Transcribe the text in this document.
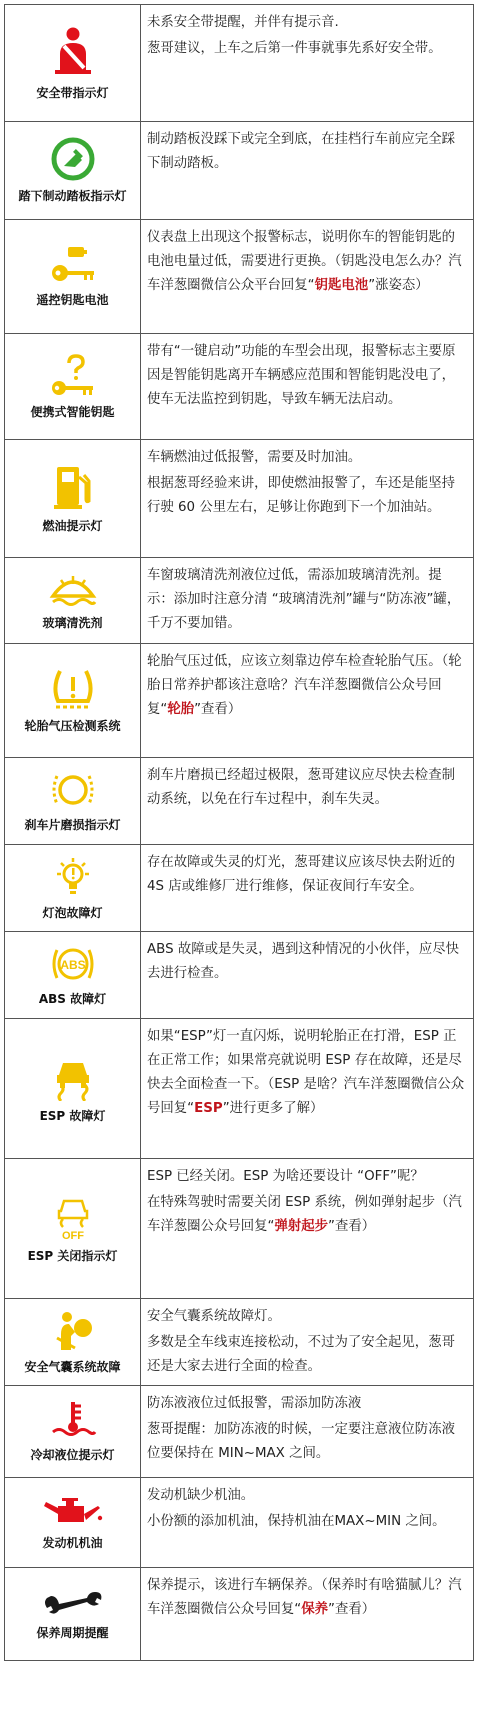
安全带指示灯

未系安全带提醒，并伴有提示音.

葱哥建议，上车之后第一件事就事先系好安全带。

踏下制动踏板指示灯

制动踏板没踩下或完全到底，在挂档行车前应完全踩下制动踏板。

遥控钥匙电池

仪表盘上出现这个报警标志，说明你车的智能钥匙的电池电量过低，需要进行更换。（钥匙没电怎么办？汽车洋葱圈微信公众平台回复“钥匙电池”涨姿态）

便携式智能钥匙

带有“一键启动”功能的车型会出现，报警标志主要原因是智能钥匙离开车辆感应范围和智能钥匙没电了，使车无法监控到钥匙，导致车辆无法启动。

燃油提示灯

车辆燃油过低报警，需要及时加油。

根据葱哥经验来讲，即使燃油报警了，车还是能坚持行驶 60 公里左右，足够让你跑到下一个加油站。

玻璃清洗剂

车窗玻璃清洗剂液位过低，需添加玻璃清洗剂。提示：添加时注意分清 “玻璃清洗剂”罐与“防冻液”罐，千万不要加错。

轮胎气压检测系统

轮胎气压过低，应该立刻靠边停车检查轮胎气压。（轮胎日常养护都该注意啥？汽车洋葱圈微信公众号回复“轮胎”查看）

刹车片磨损指示灯

刹车片磨损已经超过极限，葱哥建议应尽快去检查制动系统，以免在行车过程中，刹车失灵。

灯泡故障灯

存在故障或失灵的灯光，葱哥建议应该尽快去附近的 4S 店或维修厂进行维修，保证夜间行车安全。

ABS
ABS 故障灯

ABS 故障或是失灵，遇到这种情况的小伙伴，应尽快去进行检查。

ESP 故障灯

如果“ESP”灯一直闪烁，说明轮胎正在打滑，ESP 正在正常工作；如果常亮就说明 ESP 存在故障，还是尽快去全面检查一下。（ESP 是啥？汽车洋葱圈微信公众号回复“ESP”进行更多了解）

OFF
ESP 关闭指示灯

ESP 已经关闭。ESP 为啥还要设计 “OFF”呢？

在特殊驾驶时需要关闭 ESP 系统，例如弹射起步（汽车洋葱圈公众号回复“弹射起步”查看）

安全气囊系统故障

安全气囊系统故障灯。

多数是全车线束连接松动，不过为了安全起见，葱哥还是大家去进行全面的检查。

冷却液位提示灯

防冻液液位过低报警，需添加防冻液

葱哥提醒：加防冻液的时候，一定要注意液位防冻液位要保持在 MIN~MAX 之间。

发动机机油

发动机缺少机油。

小份额的添加机油，保持机油在MAX~MIN 之间。

保养周期提醒

保养提示，该进行车辆保养。（保养时有啥猫腻儿？汽车洋葱圈微信公众号回复“保养”查看）
